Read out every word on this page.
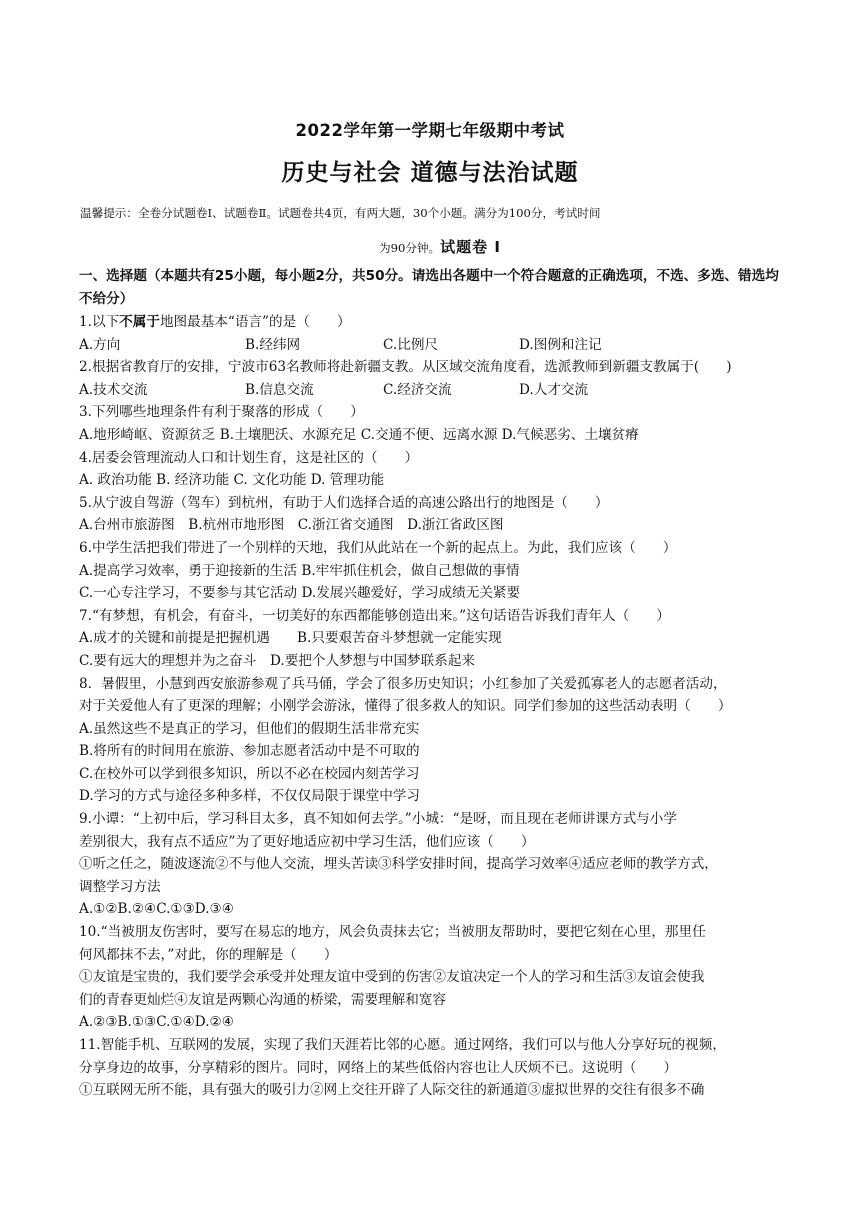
2022学年第一学期七年级期中考试
历史与社会 道德与法治试题
温馨提示：全卷分试题卷Ⅰ、试题卷Ⅱ。试题卷共4页，有两大题，30个小题。满分为100分，考试时间
为90分钟。试题卷 Ⅰ
一、选择题（本题共有25小题，每小题2分，共50分。请选出各题中一个符合题意的正确选项，不选、多选、错选均不给分）
1.以下不属于地图最基本“语言”的是（　　）
A.方向	B.经纬网	C.比例尺	D.图例和注记
2.根据省教育厅的安排，宁波市63名教师将赴新疆支教。从区域交流角度看，选派教师到新疆支教属于(　　)
A.技术交流	B.信息交流	C.经济交流	D.人才交流
3.下列哪些地理条件有利于聚落的形成（　　）
A.地形崎岖、资源贫乏 B.土壤肥沃、水源充足 C.交通不便、远离水源 D.气候恶劣、土壤贫瘠
4.居委会管理流动人口和计划生育，这是社区的（　　）
A. 政治功能 B. 经济功能 C. 文化功能 D. 管理功能
5.从宁波自驾游（驾车）到杭州，有助于人们选择合适的高速公路出行的地图是（　　）
A.台州市旅游图　B.杭州市地形图　C.浙江省交通图　D.浙江省政区图
6.中学生活把我们带进了一个别样的天地，我们从此站在一个新的起点上。为此，我们应该（　　）
A.提高学习效率，勇于迎接新的生活 B.牢牢抓住机会，做自己想做的事情
C.一心专注学习，不要参与其它活动 D.发展兴趣爱好，学习成绩无关紧要
7.“有梦想，有机会，有奋斗，一切美好的东西都能够创造出来。”这句话语告诉我们青年人（　　）
A.成才的关键和前提是把握机遇　　B.只要艰苦奋斗梦想就一定能实现
C.要有远大的理想并为之奋斗　D.要把个人梦想与中国梦联系起来
8．暑假里，小慧到西安旅游参观了兵马俑，学会了很多历史知识；小红参加了关爱孤寡老人的志愿者活动，
对于关爱他人有了更深的理解；小刚学会游泳，懂得了很多救人的知识。同学们参加的这些活动表明（　　）
A.虽然这些不是真正的学习，但他们的假期生活非常充实
B.将所有的时间用在旅游、参加志愿者活动中是不可取的
C.在校外可以学到很多知识，所以不必在校园内刻苦学习
D.学习的方式与途径多种多样，不仅仅局限于课堂中学习
9.小谭：“上初中后，学习科目太多，真不知如何去学。”小城：“是呀，而且现在老师讲课方式与小学
差别很大，我有点不适应”为了更好地适应初中学习生活，他们应该（　　）
①听之任之，随波逐流②不与他人交流，埋头苦读③科学安排时间，提高学习效率④适应老师的教学方式，
调整学习方法
A.①②B.②④C.①③D.③④
10.“当被朋友伤害时，要写在易忘的地方，风会负责抹去它；当被朋友帮助时，要把它刻在心里，那里任
何风都抹不去，”对此，你的理解是（　　）
①友谊是宝贵的，我们要学会承受并处理友谊中受到的伤害②友谊决定一个人的学习和生活③友谊会使我
们的青春更灿烂④友谊是两颗心沟通的桥梁，需要理解和宽容
A.②③B.①③C.①④D.②④
11.智能手机、互联网的发展，实现了我们天涯若比邻的心愿。通过网络，我们可以与他人分享好玩的视频，
分享身边的故事，分享精彩的图片。同时，网络上的某些低俗内容也让人厌烦不已。这说明（　　）
①互联网无所不能，具有强大的吸引力②网上交往开辟了人际交往的新通道③虚拟世界的交往有很多不确
